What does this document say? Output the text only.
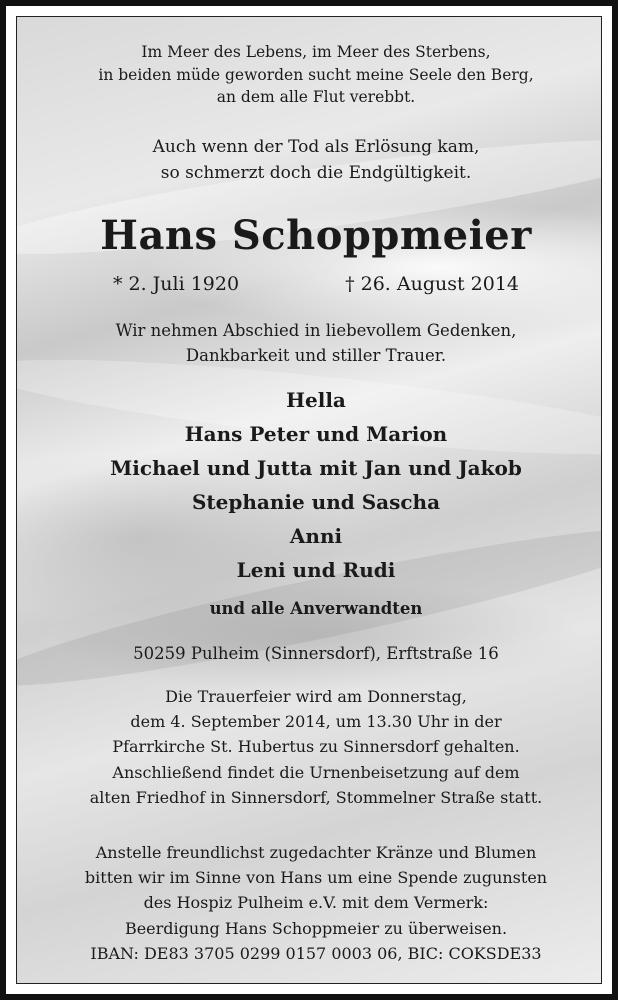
Im Meer des Lebens, im Meer des Sterbens,
in beiden müde geworden sucht meine Seele den Berg,
an dem alle Flut verebbt.
Auch wenn der Tod als Erlösung kam,
so schmerzt doch die Endgültigkeit.
Hans Schoppmeier
* 2. Juli 1920	† 26. August 2014
Wir nehmen Abschied in liebevollem Gedenken,
Dankbarkeit und stiller Trauer.
Hella
Hans Peter und Marion
Michael und Jutta mit Jan und Jakob
Stephanie und Sascha
Anni
Leni und Rudi
und alle Anverwandten
50259 Pulheim (Sinnersdorf), Erftstraße 16
Die Trauerfeier wird am Donnerstag,
dem 4. September 2014, um 13.30 Uhr in der
Pfarrkirche St. Hubertus zu Sinnersdorf gehalten.
Anschließend findet die Urnenbeisetzung auf dem
alten Friedhof in Sinnersdorf, Stommelner Straße statt.
Anstelle freundlichst zugedachter Kränze und Blumen
bitten wir im Sinne von Hans um eine Spende zugunsten
des Hospiz Pulheim e.V. mit dem Vermerk:
Beerdigung Hans Schoppmeier zu überweisen.
IBAN: DE83 3705 0299 0157 0003 06, BIC: COKSDE33
